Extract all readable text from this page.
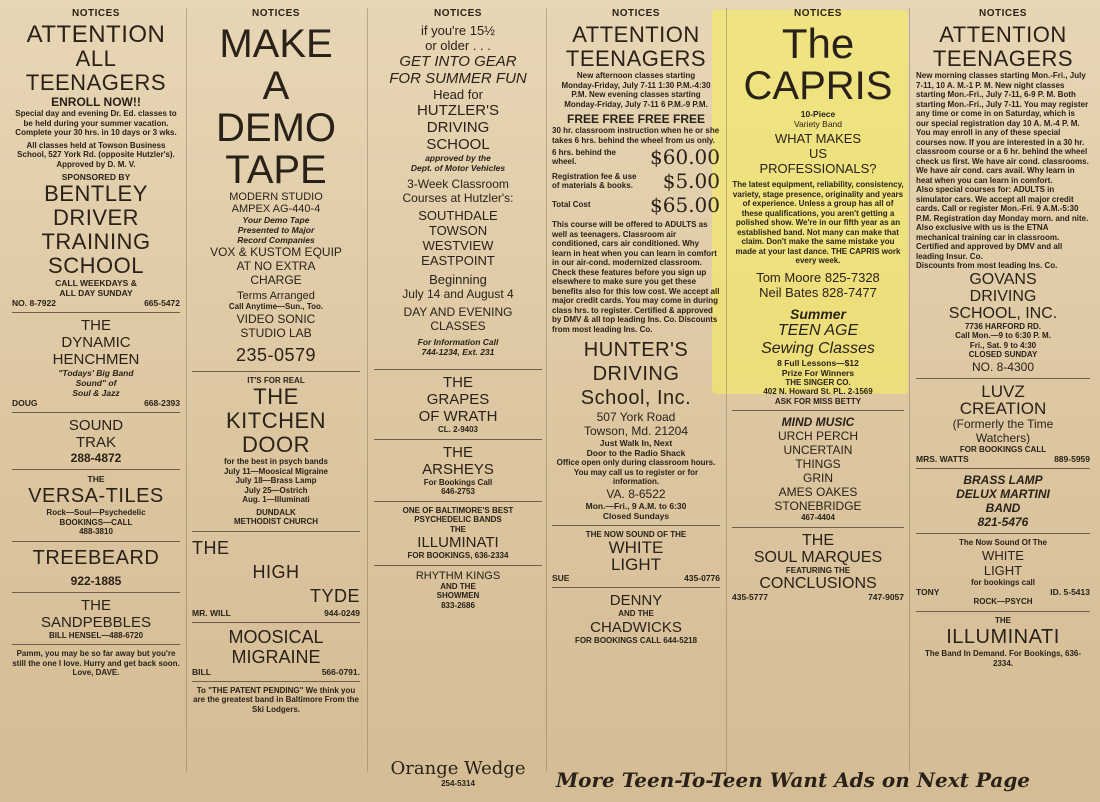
NOTICES
ATTENTION
ALL
TEENAGERS
ENROLL NOW!!
Special day and evening Dr. Ed. classes to be held during your summer vacation. Complete your 30 hrs. in 10 days or 3 wks.
All classes held at Towson Business School, 527 York Rd. (opposite Hutzler's). Approved by D. M. V.
SPONSORED BY
BENTLEY
DRIVER
TRAINING
SCHOOL
CALL WEEKDAYS &
ALL DAY SUNDAY
NO. 8-7922	665-5472
THE
DYNAMIC
HENCHMEN
"Todays' Big Band
Sound" of
Soul & Jazz
DOUG	668-2393
SOUND
TRAK
288-4872
THE
VERSA-TILES
Rock—Soul—Psychedelic
BOOKINGS—CALL
488-3810
TREEBEARD
922-1885
THE
SANDPEBBLES
BILL HENSEL—488-6720
Pamm, you may be so far away but you're still the one I love. Hurry and get back soon. Love, DAVE.
NOTICES
MAKE
A
DEMO
TAPE
MODERN STUDIO
AMPEX AG-440-4
Your Demo Tape
Presented to Major
Record Companies
VOX & KUSTOM EQUIP
AT NO EXTRA
CHARGE
Terms Arranged
Call Anytime—Sun., Too.
VIDEO SONIC
STUDIO LAB
235-0579
IT'S FOR REAL
THE
KITCHEN
DOOR
for the best in psych bands
July 11—Moosical Migraine
July 18—Brass Lamp
July 25—Ostrich
Aug. 1—Illuminati
DUNDALK
METHODIST CHURCH
THE
HIGH
TYDE
MR. WILL	944-0249
MOOSICAL
MIGRAINE
BILL	566-0791.
To "THE PATENT PENDING" We think you are the greatest band in Baltimore From the Ski Lodgers.
NOTICES
if you're 15½
or older . . .
GET INTO GEAR
FOR SUMMER FUN
Head for
HUTZLER'S
DRIVING
SCHOOL
approved by the
Dept. of Motor Vehicles
3-Week Classroom
Courses at Hutzler's:
SOUTHDALE
TOWSON
WESTVIEW
EASTPOINT
Beginning
July 14 and August 4
DAY AND EVENING
CLASSES
For Information Call
744-1234, Ext. 231
THE
GRAPES
OF WRATH
CL. 2-9403
THE
ARSHEYS
For Bookings Call
646-2753
ONE OF BALTIMORE'S BEST
PSYCHEDELIC BANDS
THE
ILLUMINATI
FOR BOOKINGS, 636-2334
RHYTHM KINGS
AND THE
SHOWMEN
833-2686
Orange Wedge
254-5314
NOTICES
ATTENTION
TEENAGERS
New afternoon classes starting Monday-Friday, July 7-11 1:30 P.M.-4:30 P.M. New evening classes starting Monday-Friday, July 7-11 6 P.M.-9 P.M.
FREE FREE FREE FREE
30 hr. classroom instruction when he or she takes 6 hrs. behind the wheel from us only.
6 hrs. behind the wheel.	$60.00
Registration fee & use of materials & books.	$5.00
Total Cost	$65.00
This course will be offered to ADULTS as well as teenagers. Classroom air conditioned, cars air conditioned. Why learn in heat when you can learn in comfort in our air-cond. modernized classroom. Check these features before you sign up elsewhere to make sure you get these benefits also for this low cost. We accept all major credit cards. You may come in during class hrs. to register. Certified & approved by DMV & all top leading Ins. Co. Discounts from most leading Ins. Co.
HUNTER'S
DRIVING
School, Inc.
507 York Road
Towson, Md. 21204
Just Walk In, Next
Door to the Radio Shack
Office open only during classroom hours. You may call us to register or for information.
VA. 8-6522
Mon.—Fri., 9 A.M. to 6:30
Closed Sundays
THE NOW SOUND OF THE
WHITE
LIGHT
SUE	435-0776
DENNY
AND THE
CHADWICKS
FOR BOOKINGS CALL 644-5218
NOTICES
The
CAPRIS
10-Piece
Variety Band
WHAT MAKES
US
PROFESSIONALS?
The latest equipment, reliability, consistency, variety, stage presence, originality and years of experience. Unless a group has all of these qualifications, you aren't getting a polished show. We're in our fifth year as an established band. Not many can make that claim. Don't make the same mistake you made at your last dance. THE CAPRIS work every week.
Tom Moore 825-7328
Neil Bates 828-7477
Summer
TEEN AGE
Sewing Classes
8 Full Lessons—$12
Prize For Winners
THE SINGER CO.
402 N. Howard St. PL. 2-1569
ASK FOR MISS BETTY
MIND MUSIC
URCH PERCH
UNCERTAIN
THINGS
GRIN
AMES OAKES
STONEBRIDGE
467-4404
THE
SOUL MARQUES
FEATURING THE
CONCLUSIONS
435-5777	747-9057
NOTICES
ATTENTION
TEENAGERS
New morning classes starting Mon.-Fri., July 7-11, 10 A. M.-1 P. M. New night classes starting Mon.-Fri., July 7-11, 6-9 P. M. Both starting Mon.-Fri., July 7-11. You may register any time or come in on Saturday, which is our special registration day 10 A. M.-4 P. M.
You may enroll in any of these special courses now. If you are interested in a 30 hr. classroom course or a 6 hr. behind the wheel check us first. We have air cond. classrooms. We have air cond. cars avail. Why learn in heat when you can learn in comfort.
Also special courses for: ADULTS in simulator cars. We accept all major credit cards. Call or register Mon.-Fri. 9 A.M.-5:30 P.M. Registration day Monday morn. and nite. Also exclusive with us is the ETNA mechanical training car in classroom. Certified and approved by DMV and all leading Insur. Co.
Discounts from most leading Ins. Co.
GOVANS
DRIVING
SCHOOL, INC.
7736 HARFORD RD.
Call Mon.—9 to 6:30 P. M.
Fri., Sat. 9 to 4:30
CLOSED SUNDAY
NO. 8-4300
LUVZ
CREATION
(Formerly the Time
Watchers)
FOR BOOKINGS CALL
MRS. WATTS	889-5959
BRASS LAMP
DELUX MARTINI
BAND
821-5476
The Now Sound Of The
WHITE
LIGHT
for bookings call
TONY	ID. 5-5413
ROCK—PSYCH
THE
ILLUMINATI
The Band In Demand. For Bookings, 636-2334.
More Teen-To-Teen Want Ads on Next Page
